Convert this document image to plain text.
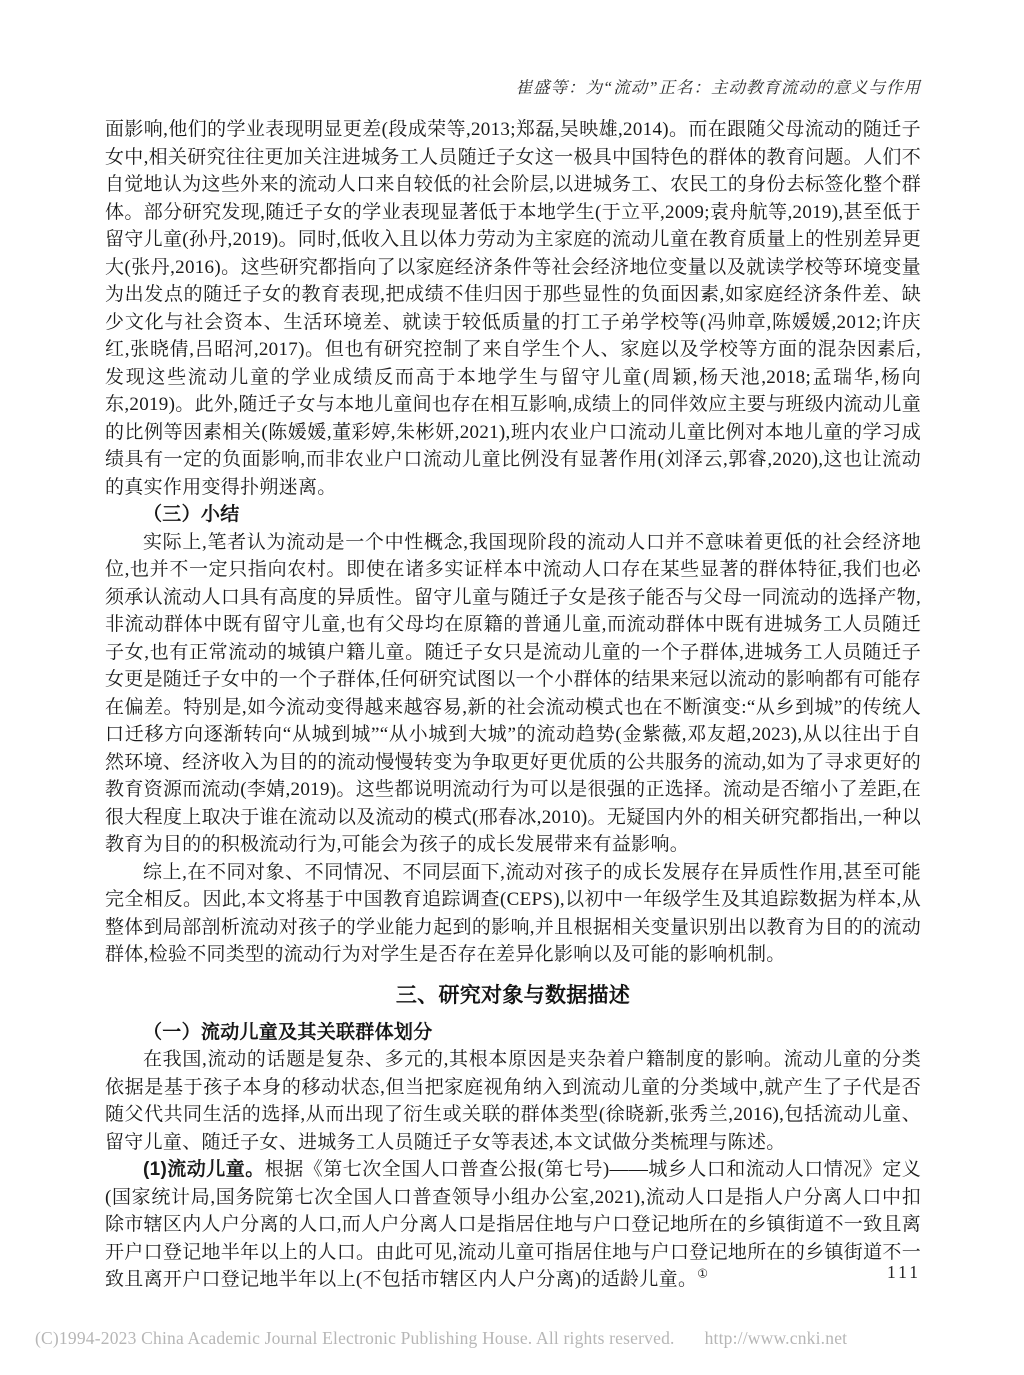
崔盛等：为“流动”正名：主动教育流动的意义与作用

面影响,他们的学业表现明显更差(段成荣等,2013;郑磊,吴映雄,2014)。而在跟随父母流动的随迁子女中,相关研究往往更加关注进城务工人员随迁子女这一极具中国特色的群体的教育问题。人们不自觉地认为这些外来的流动人口来自较低的社会阶层,以进城务工、农民工的身份去标签化整个群体。部分研究发现,随迁子女的学业表现显著低于本地学生(于立平,2009;袁舟航等,2019),甚至低于留守儿童(孙丹,2019)。同时,低收入且以体力劳动为主家庭的流动儿童在教育质量上的性别差异更大(张丹,2016)。这些研究都指向了以家庭经济条件等社会经济地位变量以及就读学校等环境变量为出发点的随迁子女的教育表现,把成绩不佳归因于那些显性的负面因素,如家庭经济条件差、缺少文化与社会资本、生活环境差、就读于较低质量的打工子弟学校等(冯帅章,陈媛媛,2012;许庆红,张晓倩,吕昭河,2017)。但也有研究控制了来自学生个人、家庭以及学校等方面的混杂因素后,发现这些流动儿童的学业成绩反而高于本地学生与留守儿童(周颖,杨天池,2018;孟瑞华,杨向东,2019)。此外,随迁子女与本地儿童间也存在相互影响,成绩上的同伴效应主要与班级内流动儿童的比例等因素相关(陈媛媛,董彩婷,朱彬妍,2021),班内农业户口流动儿童比例对本地儿童的学习成绩具有一定的负面影响,而非农业户口流动儿童比例没有显著作用(刘泽云,郭睿,2020),这也让流动的真实作用变得扑朔迷离。

（三）小结

实际上,笔者认为流动是一个中性概念,我国现阶段的流动人口并不意味着更低的社会经济地位,也并不一定只指向农村。即使在诸多实证样本中流动人口存在某些显著的群体特征,我们也必须承认流动人口具有高度的异质性。留守儿童与随迁子女是孩子能否与父母一同流动的选择产物,非流动群体中既有留守儿童,也有父母均在原籍的普通儿童,而流动群体中既有进城务工人员随迁子女,也有正常流动的城镇户籍儿童。随迁子女只是流动儿童的一个子群体,进城务工人员随迁子女更是随迁子女中的一个子群体,任何研究试图以一个小群体的结果来冠以流动的影响都有可能存在偏差。特别是,如今流动变得越来越容易,新的社会流动模式也在不断演变:“从乡到城”的传统人口迁移方向逐渐转向“从城到城”“从小城到大城”的流动趋势(金紫薇,邓友超,2023),从以往出于自然环境、经济收入为目的的流动慢慢转变为争取更好更优质的公共服务的流动,如为了寻求更好的教育资源而流动(李婧,2019)。这些都说明流动行为可以是很强的正选择。流动是否缩小了差距,在很大程度上取决于谁在流动以及流动的模式(邢春冰,2010)。无疑国内外的相关研究都指出,一种以教育为目的的积极流动行为,可能会为孩子的成长发展带来有益影响。

综上,在不同对象、不同情况、不同层面下,流动对孩子的成长发展存在异质性作用,甚至可能完全相反。因此,本文将基于中国教育追踪调查(CEPS),以初中一年级学生及其追踪数据为样本,从整体到局部剖析流动对孩子的学业能力起到的影响,并且根据相关变量识别出以教育为目的的流动群体,检验不同类型的流动行为对学生是否存在差异化影响以及可能的影响机制。

三、研究对象与数据描述

（一）流动儿童及其关联群体划分

在我国,流动的话题是复杂、多元的,其根本原因是夹杂着户籍制度的影响。流动儿童的分类依据是基于孩子本身的移动状态,但当把家庭视角纳入到流动儿童的分类域中,就产生了子代是否随父代共同生活的选择,从而出现了衍生或关联的群体类型(徐晓新,张秀兰,2016),包括流动儿童、留守儿童、随迁子女、进城务工人员随迁子女等表述,本文试做分类梳理与陈述。

(1)流动儿童。根据《第七次全国人口普查公报(第七号)——城乡人口和流动人口情况》定义(国家统计局,国务院第七次全国人口普查领导小组办公室,2021),流动人口是指人户分离人口中扣除市辖区内人户分离的人口,而人户分离人口是指居住地与户口登记地所在的乡镇街道不一致且离开户口登记地半年以上的人口。由此可见,流动儿童可指居住地与户口登记地所在的乡镇街道不一致且离开户口登记地半年以上(不包括市辖区内人户分离)的适龄儿童。①	111
(C)1994-2023 China Academic Journal Electronic Publishing House. All rights reserved. http://www.cnki.net
